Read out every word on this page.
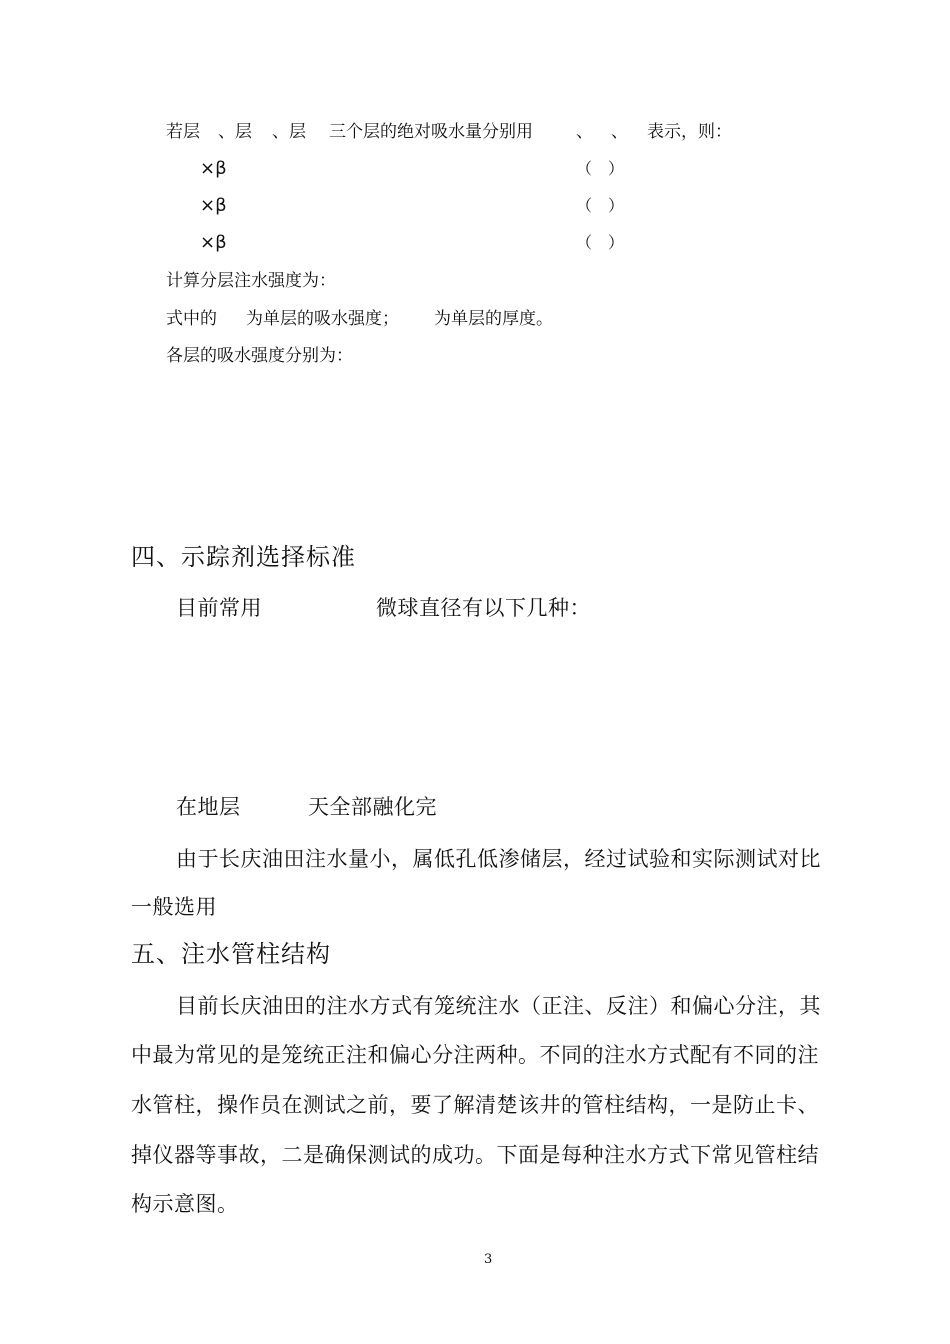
若层 、层 、层 三个层的绝对吸水量分别用	、 、 表示，则：
×β	（　）
×β	（　）
×β	（　）
计算分层注水强度为：
式中的 为单层的吸水强度； 为单层的厚度。
各层的吸水强度分别为：
四、示踪剂选择标准
目前常用	微球直径有以下几种：
在地层	天全部融化完
由于长庆油田注水量小，属低孔低渗储层，经过试验和实际测试对比
一般选用
五、注水管柱结构
目前长庆油田的注水方式有笼统注水（正注、反注）和偏心分注，其
中最为常见的是笼统正注和偏心分注两种。不同的注水方式配有不同的注
水管柱，操作员在测试之前，要了解清楚该井的管柱结构，一是防止卡、
掉仪器等事故，二是确保测试的成功。下面是每种注水方式下常见管柱结
构示意图。
3
